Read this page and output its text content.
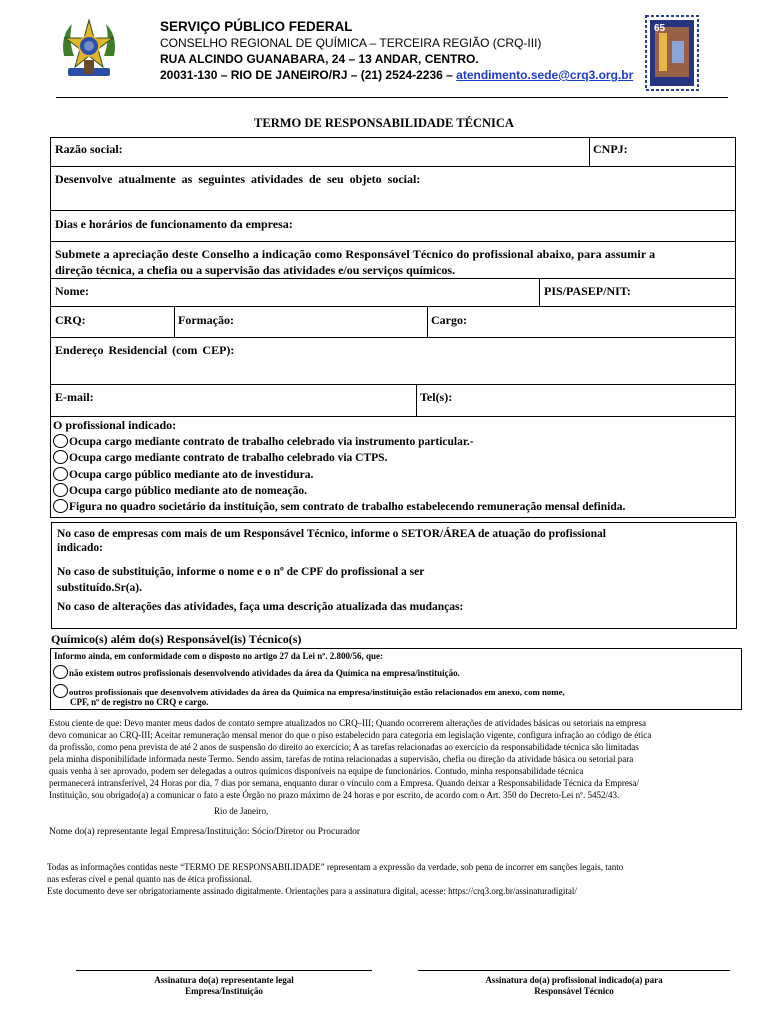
SERVIÇO PÚBLICO FEDERAL
CONSELHO REGIONAL DE QUÍMICA – TERCEIRA REGIÃO (CRQ-III)
RUA ALCINDO GUANABARA, 24 – 13 ANDAR, CENTRO.
20031-130 – RIO DE JANEIRO/RJ – (21) 2524-2236 – atendimento.sede@crq3.org.br
65
TERMO DE RESPONSABILIDADE TÉCNICA
Razão social:	CNPJ:
Desenvolve atualmente as seguintes atividades de seu objeto social:
Dias e horários de funcionamento da empresa:
Submete a apreciação deste Conselho a indicação como Responsável Técnico do profissional abaixo, para assumir a
direção técnica, a chefia ou a supervisão das atividades e/ou serviços químicos.
Nome:	PIS/PASEP/NIT:
CRQ:	Formação:	Cargo:
Endereço Residencial (com CEP):
E-mail:	Tel(s):
O profissional indicado:
Ocupa cargo mediante contrato de trabalho celebrado via instrumento particular.-
Ocupa cargo mediante contrato de trabalho celebrado via CTPS.
Ocupa cargo público mediante ato de investidura.
Ocupa cargo público mediante ato de nomeação.
Figura no quadro societário da instituição, sem contrato de trabalho estabelecendo remuneração mensal definida.
No caso de empresas com mais de um Responsável Técnico, informe o SETOR/ÁREA de atuação do profissional
indicado:
No caso de substituição, informe o nome e o nº de CPF do profissional a ser
substituído.Sr(a).
No caso de alterações das atividades, faça uma descrição atualizada das mudanças:
Químico(s) além do(s) Responsável(is) Técnico(s)
Informo ainda, em conformidade com o disposto no artigo 27 da Lei nº. 2.800/56, que:
não existem outros profissionais desenvolvendo atividades da área da Química na empresa/instituição.
outros profissionais que desenvolvem atividades da área da Química na empresa/instituição estão relacionados em anexo, com nome,
CPF, nº de registro no CRQ e cargo.
Estou ciente de que: Devo manter meus dados de contato sempre atualizados no CRQ–III; Quando ocorrerem alterações de atividades básicas ou setoriais na empresa
devo comunicar ao CRQ-III; Aceitar remuneração mensal menor do que o piso estabelecido para categoria em legislação vigente, configura infração ao código de ética
da profissão, como pena prevista de até 2 anos de suspensão do direito ao exercício; A as tarefas relacionadas ao exercício da responsabilidade técnica são limitadas
pela minha disponibilidade informada neste Termo. Sendo assim, tarefas de rotina relacionadas a supervisão, chefia ou direção da atividade básica ou setorial para
quais venha à ser aprovado, podem ser delegadas a outros químicos disponíveis na equipe de funcionários. Contudo, minha responsabilidade técnica
permanecerá intransferível, 24 Horas por dia, 7 dias por semana, enquanto durar o vínculo com a Empresa. Quando deixar a Responsabilidade Técnica da Empresa/
Instituição, sou obrigado(a) a comunicar o fato a este Órgão no prazo máximo de 24 horas e por escrito, de acordo com o Art. 350 do Decreto-Lei nº. 5452/43.
Rio de Janeiro,
Nome do(a) representante legal Empresa/Instituição: Sócio/Diretor ou Procurador
Todas as informações contidas neste “TERMO DE RESPONSABILIDADE” representam a expressão da verdade, sob pena de incorrer em sanções legais, tanto
nas esferas cível e penal quanto nas de ética profissional.
Este documento deve ser obrigatoriamente assinado digitalmente. Orientações para a assinatura digital, acesse: https://crq3.org.br/assinaturadigital/
Assinatura do(a) representante legal
Empresa/Instituição
Assinatura do(a) profissional indicado(a) para
Responsável Técnico
